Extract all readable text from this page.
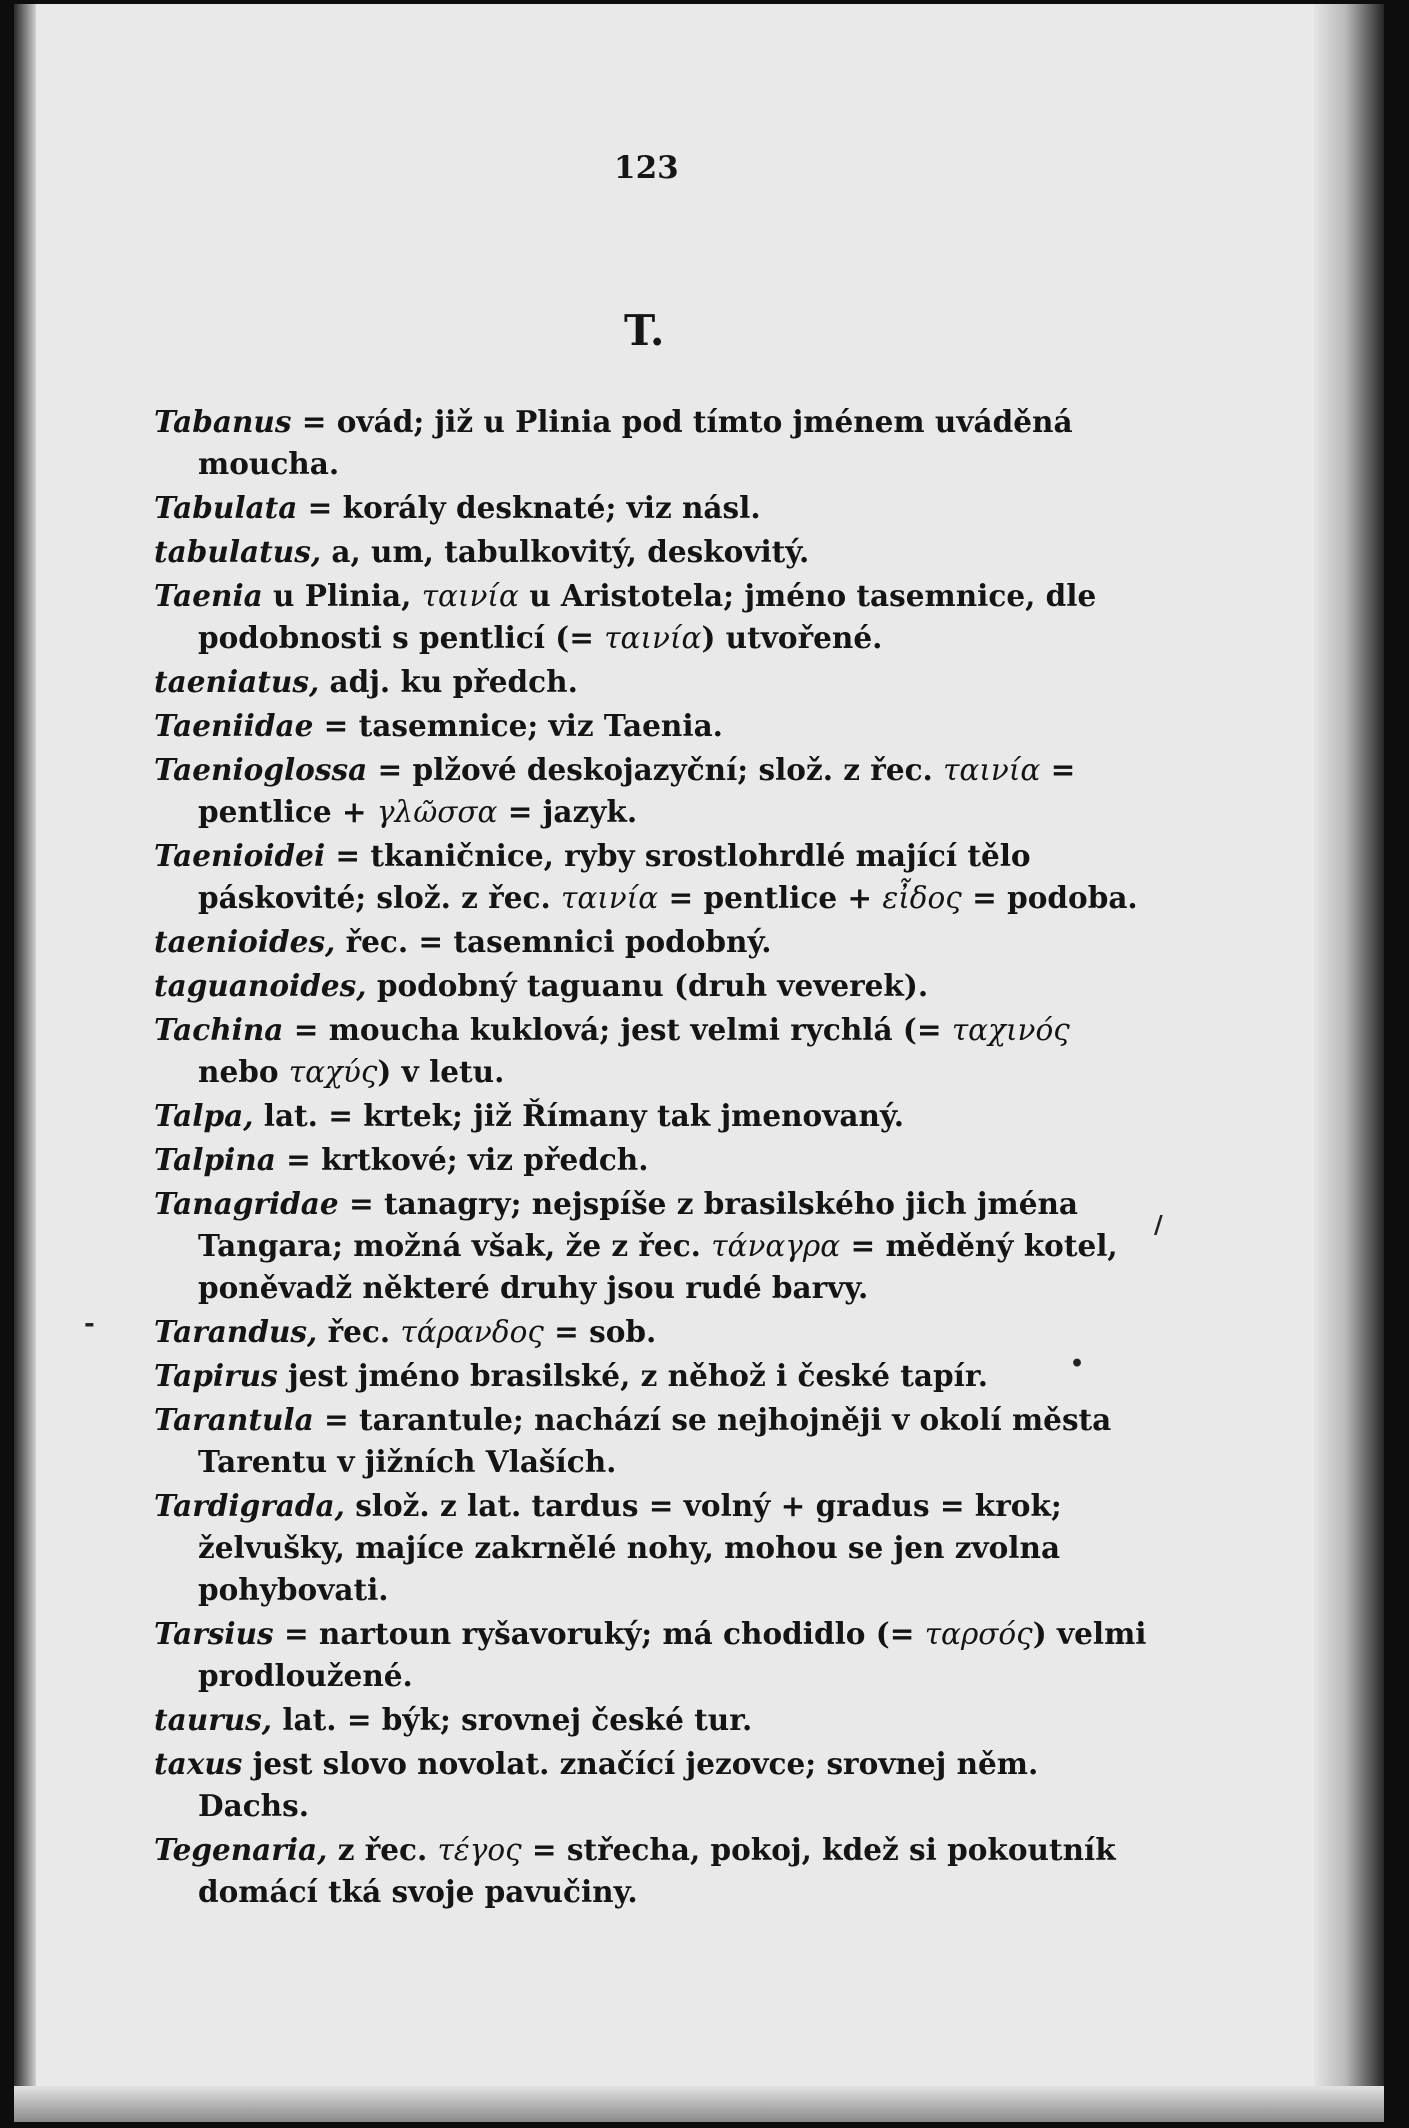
123
T.
Tabanus = ovád; již u Plinia pod tímto jménem uváděná moucha.
Tabulata = korály desknaté; viz násl.
tabulatus, a, um, tabulkovitý, deskovitý.
Taenia u Plinia, ταινία u Aristotela; jméno tasemnice, dle podobnosti s pentlicí (= ταινία) utvořené.
taeniatus, adj. ku předch.
Taeniidae = tasemnice; viz Taenia.
Taenioglossa = plžové deskojazyční; slož. z řec. ταινία = pentlice + γλῶσσα = jazyk.
Taenioidei = tkaničnice, ryby srostlohrdlé mající tělo páskovité; slož. z řec. ταινία = pentlice + εἶδος = podoba.
taenioides, řec. = tasemnici podobný.
taguanoides, podobný taguanu (druh veverek).
Tachina = moucha kuklová; jest velmi rychlá (= ταχινός nebo ταχύς) v letu.
Talpa, lat. = krtek; již Římany tak jmenovaný.
Talpina = krtkové; viz předch.
Tanagridae = tanagry; nejspíše z brasilského jich jména Tangara; možná však, že z řec. τάναγρα = měděný kotel, poněvadž některé druhy jsou rudé barvy.
Tarandus, řec. τάρανδος = sob.
Tapirus jest jméno brasilské, z něhož i české tapír.
Tarantula = tarantule; nachází se nejhojněji v okolí města Tarentu v jižních Vlaších.
Tardigrada, slož. z lat. tardus = volný + gradus = krok; želvušky, majíce zakrnělé nohy, mohou se jen zvolna pohybovati.
Tarsius = nartoun ryšavoruký; má chodidlo (= ταρσός) velmi prodloužené.
taurus, lat. = býk; srovnej české tur.
taxus jest slovo novolat. značící jezovce; srovnej něm. Dachs.
Tegenaria, z řec. τέγος = střecha, pokoj, kdež si pokoutník domácí tká svoje pavučiny.
-
/
•
